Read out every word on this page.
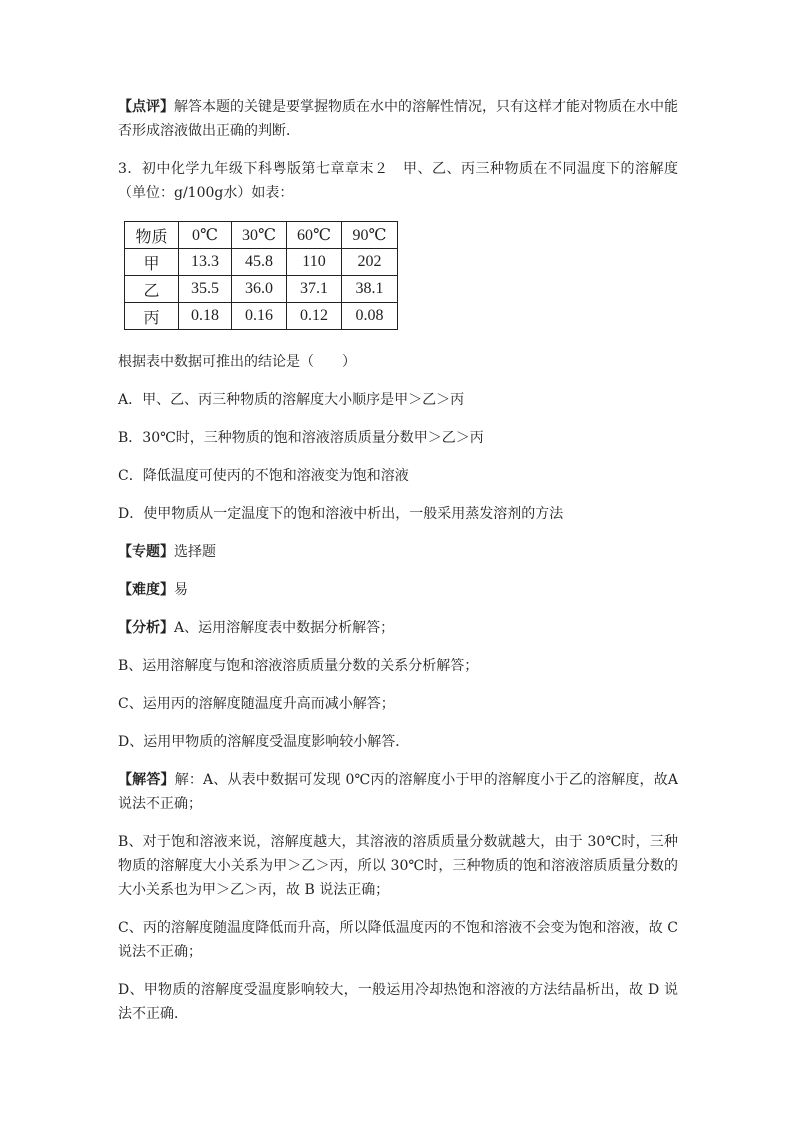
【点评】解答本题的关键是要掌握物质在水中的溶解性情况，只有这样才能对物质在水中能否形成溶液做出正确的判断．

3．初中化学九年级下科粤版第七章章末２　 甲、乙、丙三种物质在不同温度下的溶解度（单位：g/100g水）如表：

物质	0℃	30℃	60℃	90℃
甲	13.3	45.8	110	202
乙	35.5	36.0	37.1	38.1
丙	0.18	0.16	0.12	0.08

根据表中数据可推出的结论是（　　）

A．甲、乙、丙三种物质的溶解度大小顺序是甲＞乙＞丙

B．30℃时，三种物质的饱和溶液溶质质量分数甲＞乙＞丙

C．降低温度可使丙的不饱和溶液变为饱和溶液

D．使甲物质从一定温度下的饱和溶液中析出，一般采用蒸发溶剂的方法

【专题】选择题

【难度】易

【分析】A、运用溶解度表中数据分析解答；

B、运用溶解度与饱和溶液溶质质量分数的关系分析解答；

C、运用丙的溶解度随温度升高而减小解答；

D、运用甲物质的溶解度受温度影响较小解答．

【解答】解：A、从表中数据可发现 0℃丙的溶解度小于甲的溶解度小于乙的溶解度，故A说法不正确；

B、对于饱和溶液来说，溶解度越大，其溶液的溶质质量分数就越大，由于 30℃时，三种物质的溶解度大小关系为甲＞乙＞丙，所以 30℃时，三种物质的饱和溶液溶质质量分数的大小关系也为甲＞乙＞丙，故 B 说法正确；

C、丙的溶解度随温度降低而升高，所以降低温度丙的不饱和溶液不会变为饱和溶液，故 C 说法不正确；

D、甲物质的溶解度受温度影响较大，一般运用冷却热饱和溶液的方法结晶析出，故 D 说法不正确．
